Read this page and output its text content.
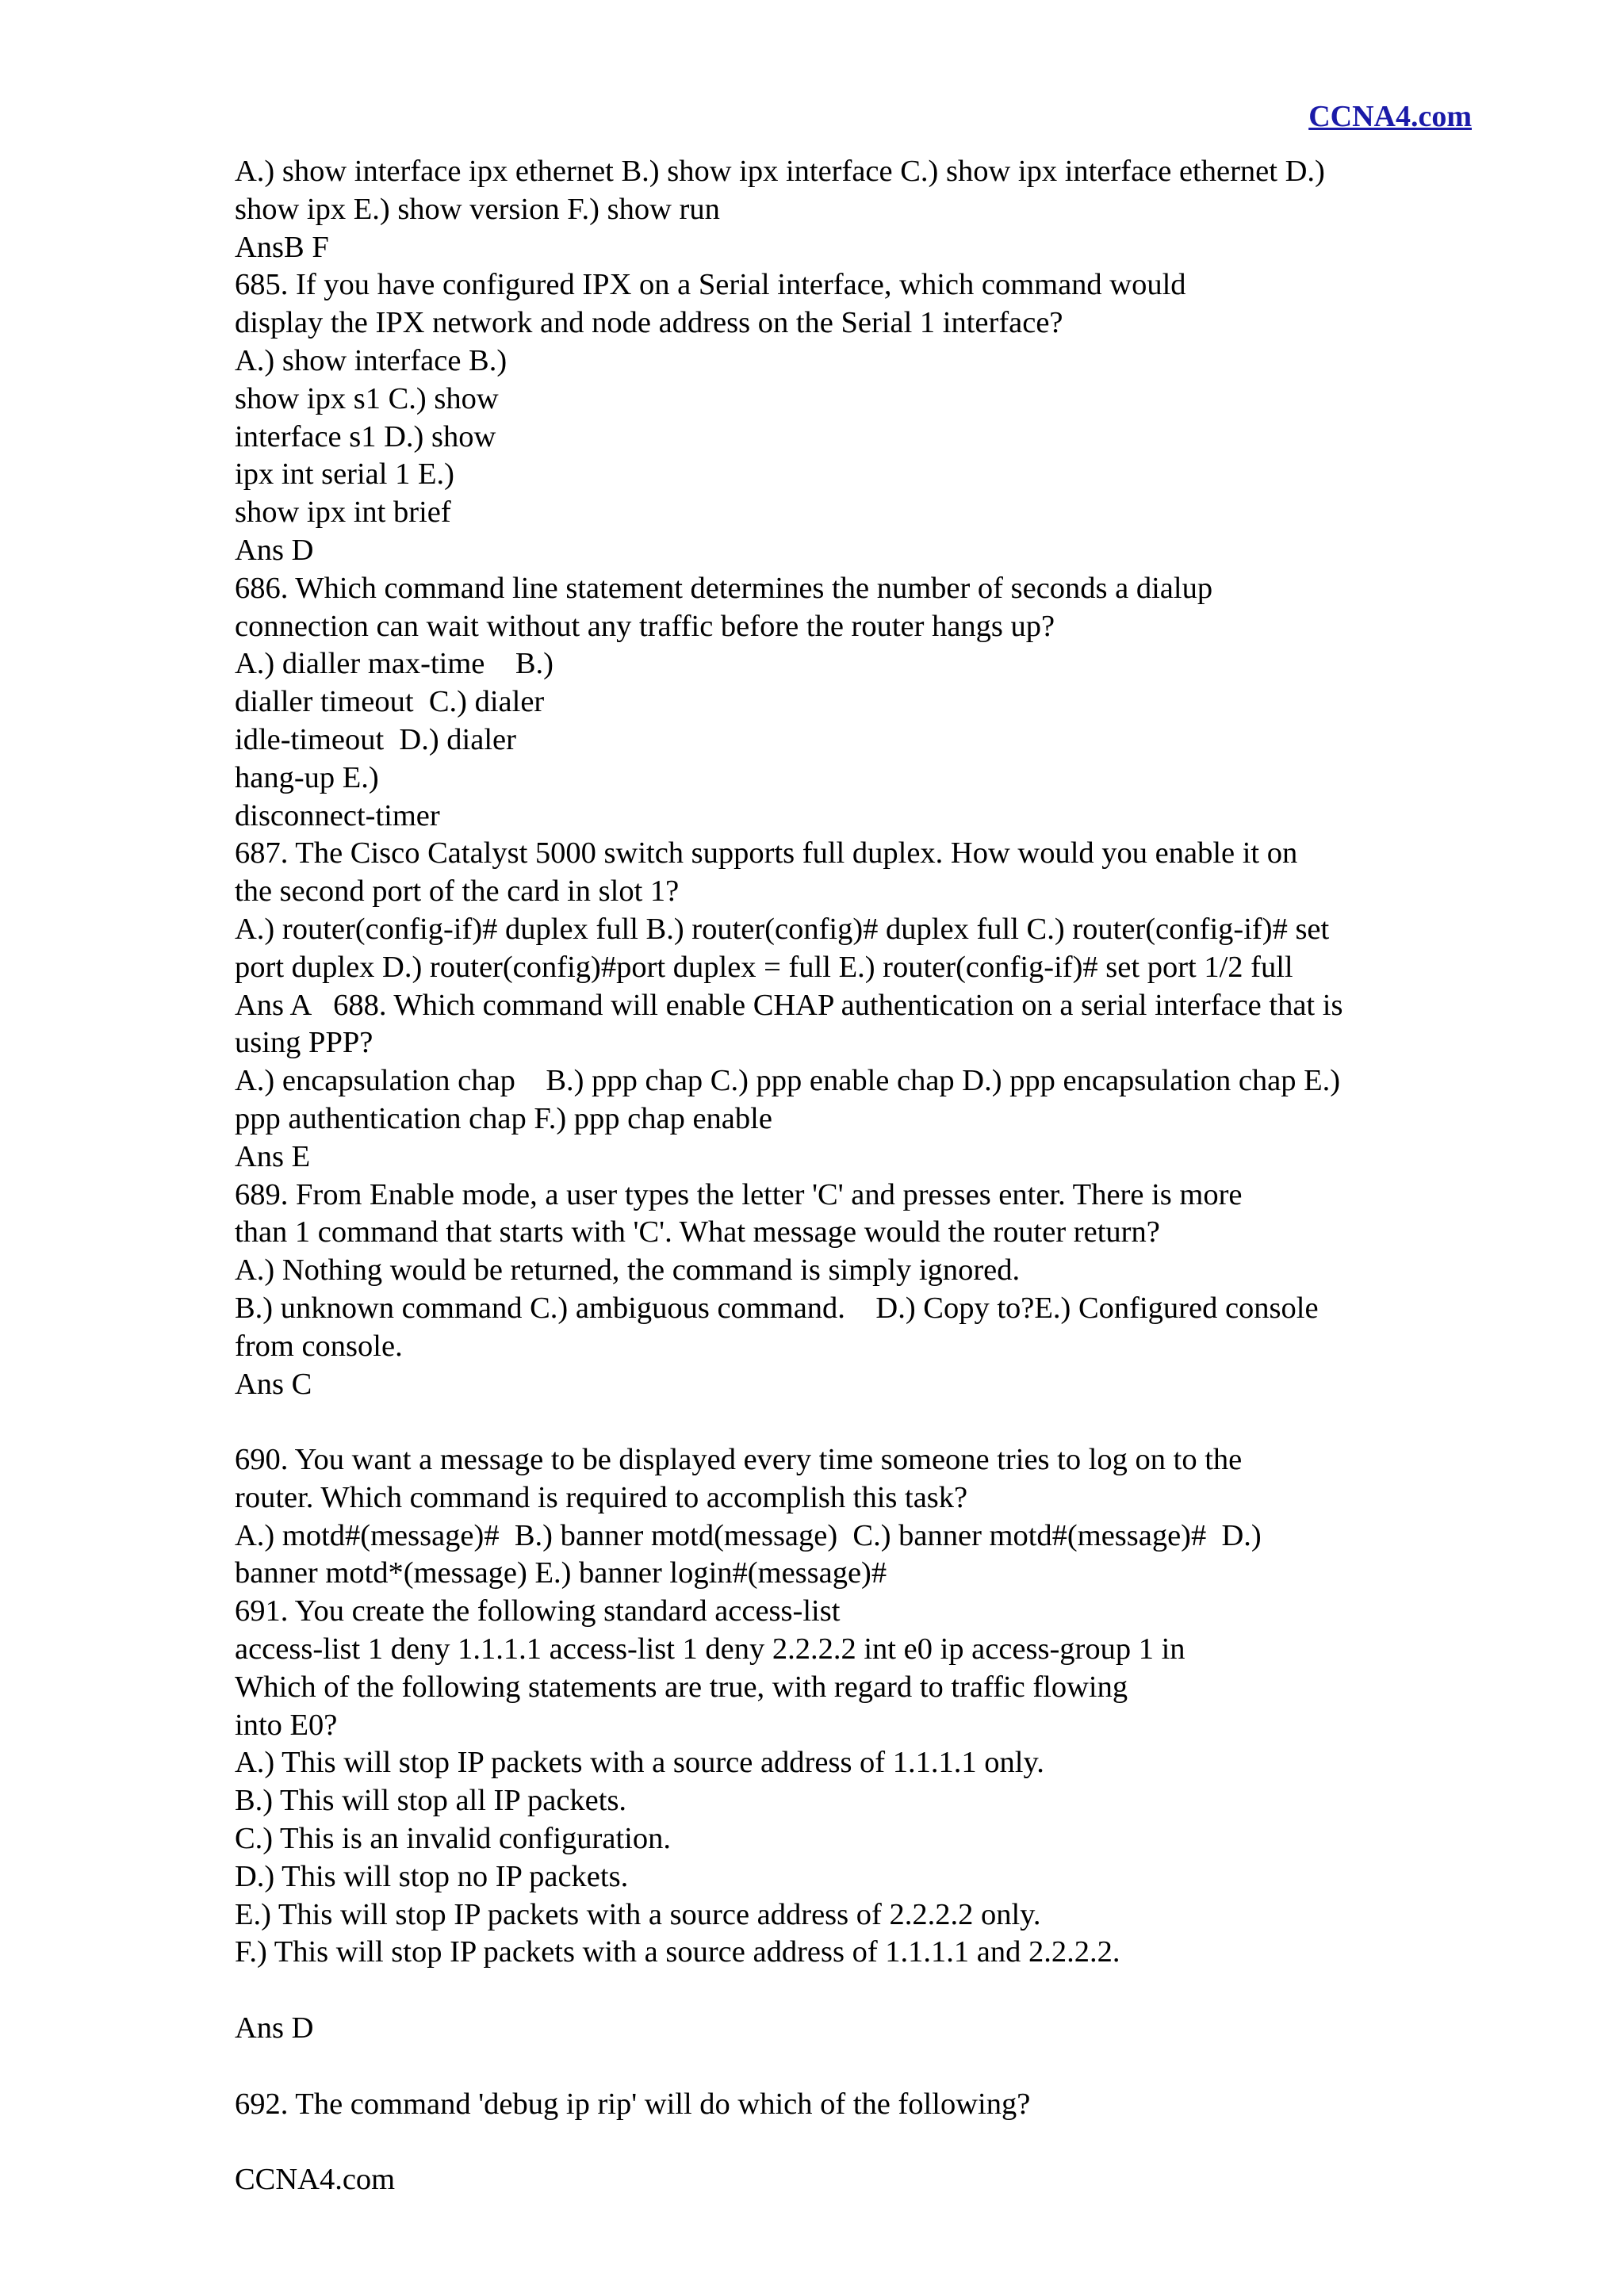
CCNA4.com
A.) show interface ipx ethernet B.) show ipx interface C.) show ipx interface ethernet D.)
show ipx E.) show version F.) show run
AnsB F
685. If you have configured IPX on a Serial interface, which command would
display the IPX network and node address on the Serial 1 interface?
A.) show interface B.)
show ipx s1 C.) show
interface s1 D.) show
ipx int serial 1 E.)
show ipx int brief
Ans D
686. Which command line statement determines the number of seconds a dialup
connection can wait without any traffic before the router hangs up?
A.) dialler max-time    B.)
dialler timeout  C.) dialer
idle-timeout  D.) dialer
hang-up E.)
disconnect-timer
687. The Cisco Catalyst 5000 switch supports full duplex. How would you enable it on
the second port of the card in slot 1?
A.) router(config-if)# duplex full B.) router(config)# duplex full C.) router(config-if)# set
port duplex D.) router(config)#port duplex = full E.) router(config-if)# set port 1/2 full
Ans A   688. Which command will enable CHAP authentication on a serial interface that is
using PPP?
A.) encapsulation chap    B.) ppp chap C.) ppp enable chap D.) ppp encapsulation chap E.)
ppp authentication chap F.) ppp chap enable
Ans E
689. From Enable mode, a user types the letter 'C' and presses enter. There is more
than 1 command that starts with 'C'. What message would the router return?
A.) Nothing would be returned, the command is simply ignored.
B.) unknown command C.) ambiguous command.    D.) Copy to?E.) Configured console
from console.
Ans C
690. You want a message to be displayed every time someone tries to log on to the
router. Which command is required to accomplish this task?
A.) motd#(message)#  B.) banner motd(message)  C.) banner motd#(message)#  D.)
banner motd*(message) E.) banner login#(message)#
691. You create the following standard access-list
access-list 1 deny 1.1.1.1 access-list 1 deny 2.2.2.2 int e0 ip access-group 1 in
Which of the following statements are true, with regard to traffic flowing
into E0?
A.) This will stop IP packets with a source address of 1.1.1.1 only.
B.) This will stop all IP packets.
C.) This is an invalid configuration.
D.) This will stop no IP packets.
E.) This will stop IP packets with a source address of 2.2.2.2 only.
F.) This will stop IP packets with a source address of 1.1.1.1 and 2.2.2.2.
Ans D
692. The command 'debug ip rip' will do which of the following?
CCNA4.com
